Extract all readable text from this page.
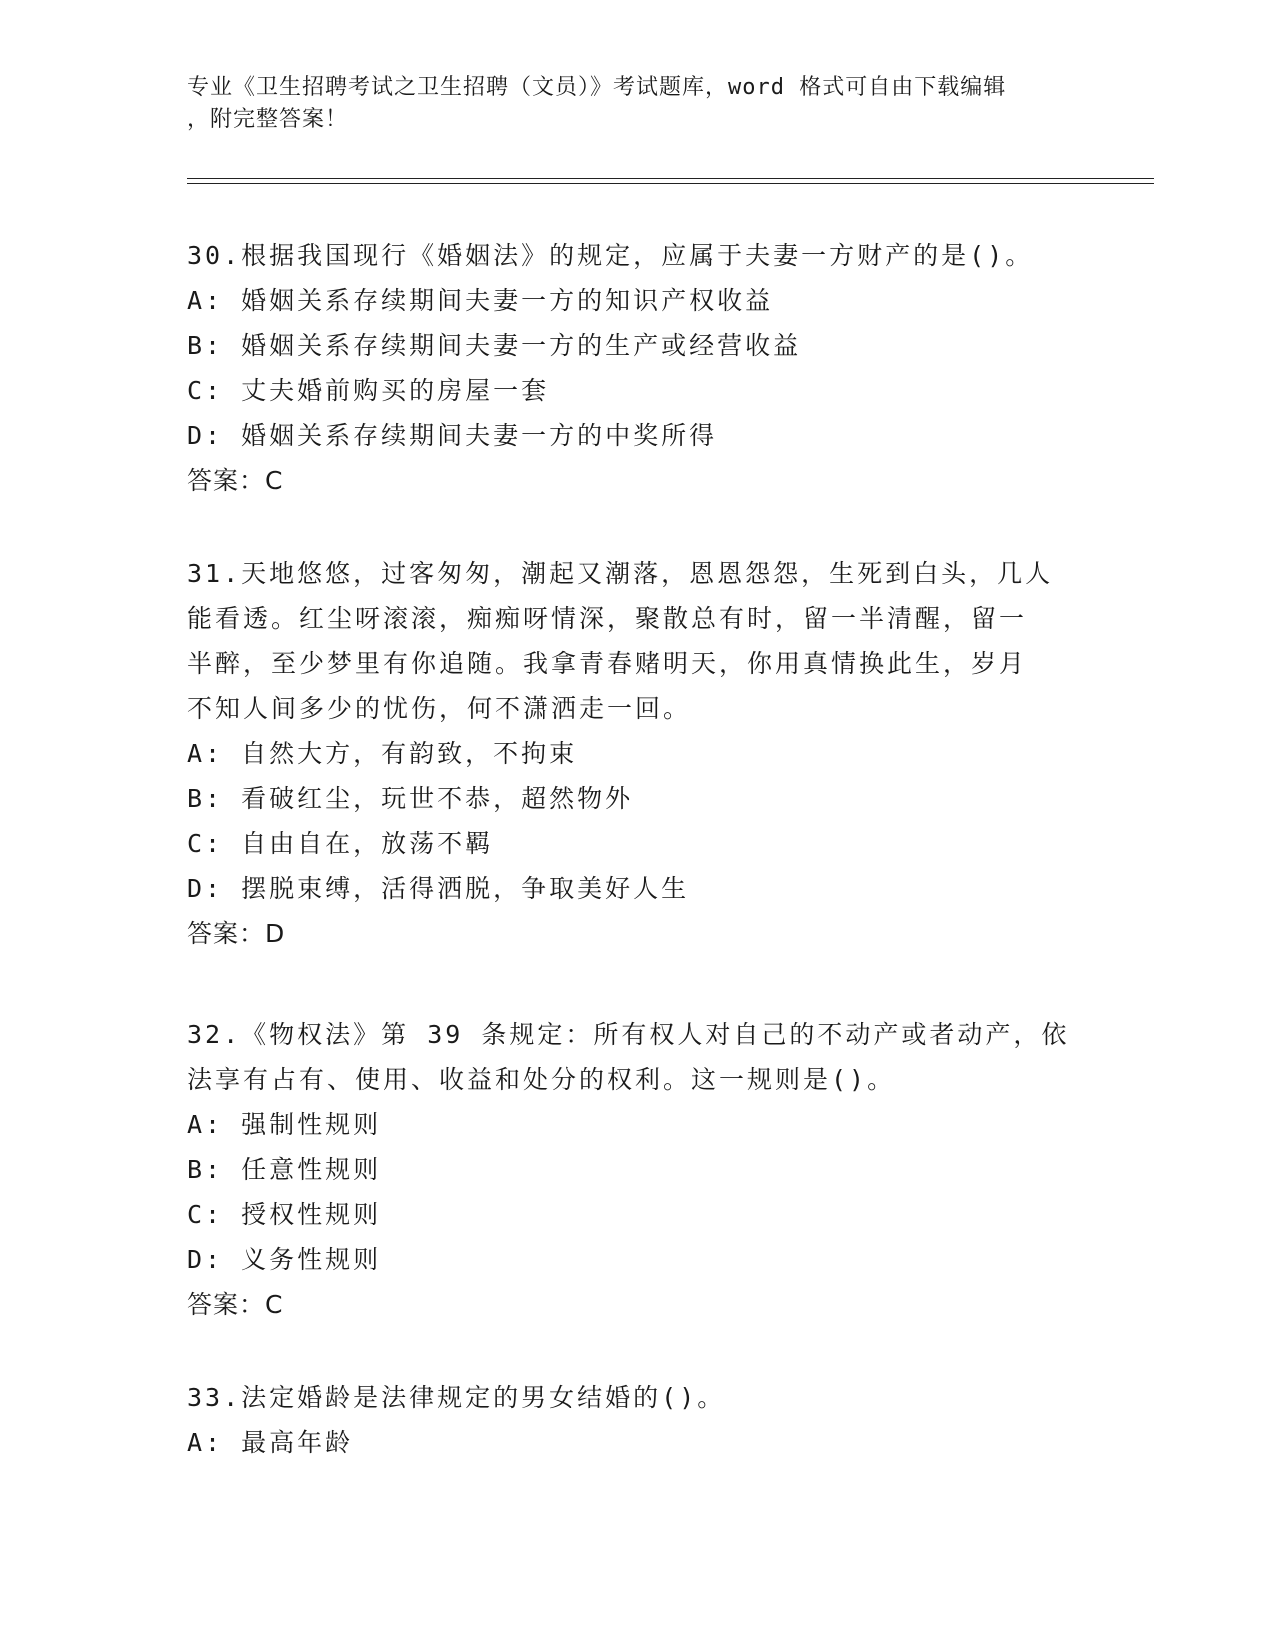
专业《卫生招聘考试之卫生招聘（文员）》考试题库，word 格式可自由下载编辑
，附完整答案！
30.根据我国现行《婚姻法》的规定，应属于夫妻一方财产的是()。
A: 婚姻关系存续期间夫妻一方的知识产权收益
B: 婚姻关系存续期间夫妻一方的生产或经营收益
C: 丈夫婚前购买的房屋一套
D: 婚姻关系存续期间夫妻一方的中奖所得
答案：C
31.天地悠悠，过客匆匆，潮起又潮落，恩恩怨怨，生死到白头，几人
能看透。红尘呀滚滚，痴痴呀情深，聚散总有时，留一半清醒，留一
半醉，至少梦里有你追随。我拿青春赌明天，你用真情换此生，岁月
不知人间多少的忧伤，何不潇洒走一回。
A: 自然大方，有韵致，不拘束
B: 看破红尘，玩世不恭，超然物外
C: 自由自在，放荡不羁
D: 摆脱束缚，活得洒脱，争取美好人生
答案：D
32.《物权法》第 39 条规定：所有权人对自己的不动产或者动产，依
法享有占有、使用、收益和处分的权利。这一规则是()。
A: 强制性规则
B: 任意性规则
C: 授权性规则
D: 义务性规则
答案：C
33.法定婚龄是法律规定的男女结婚的()。
A: 最高年龄
